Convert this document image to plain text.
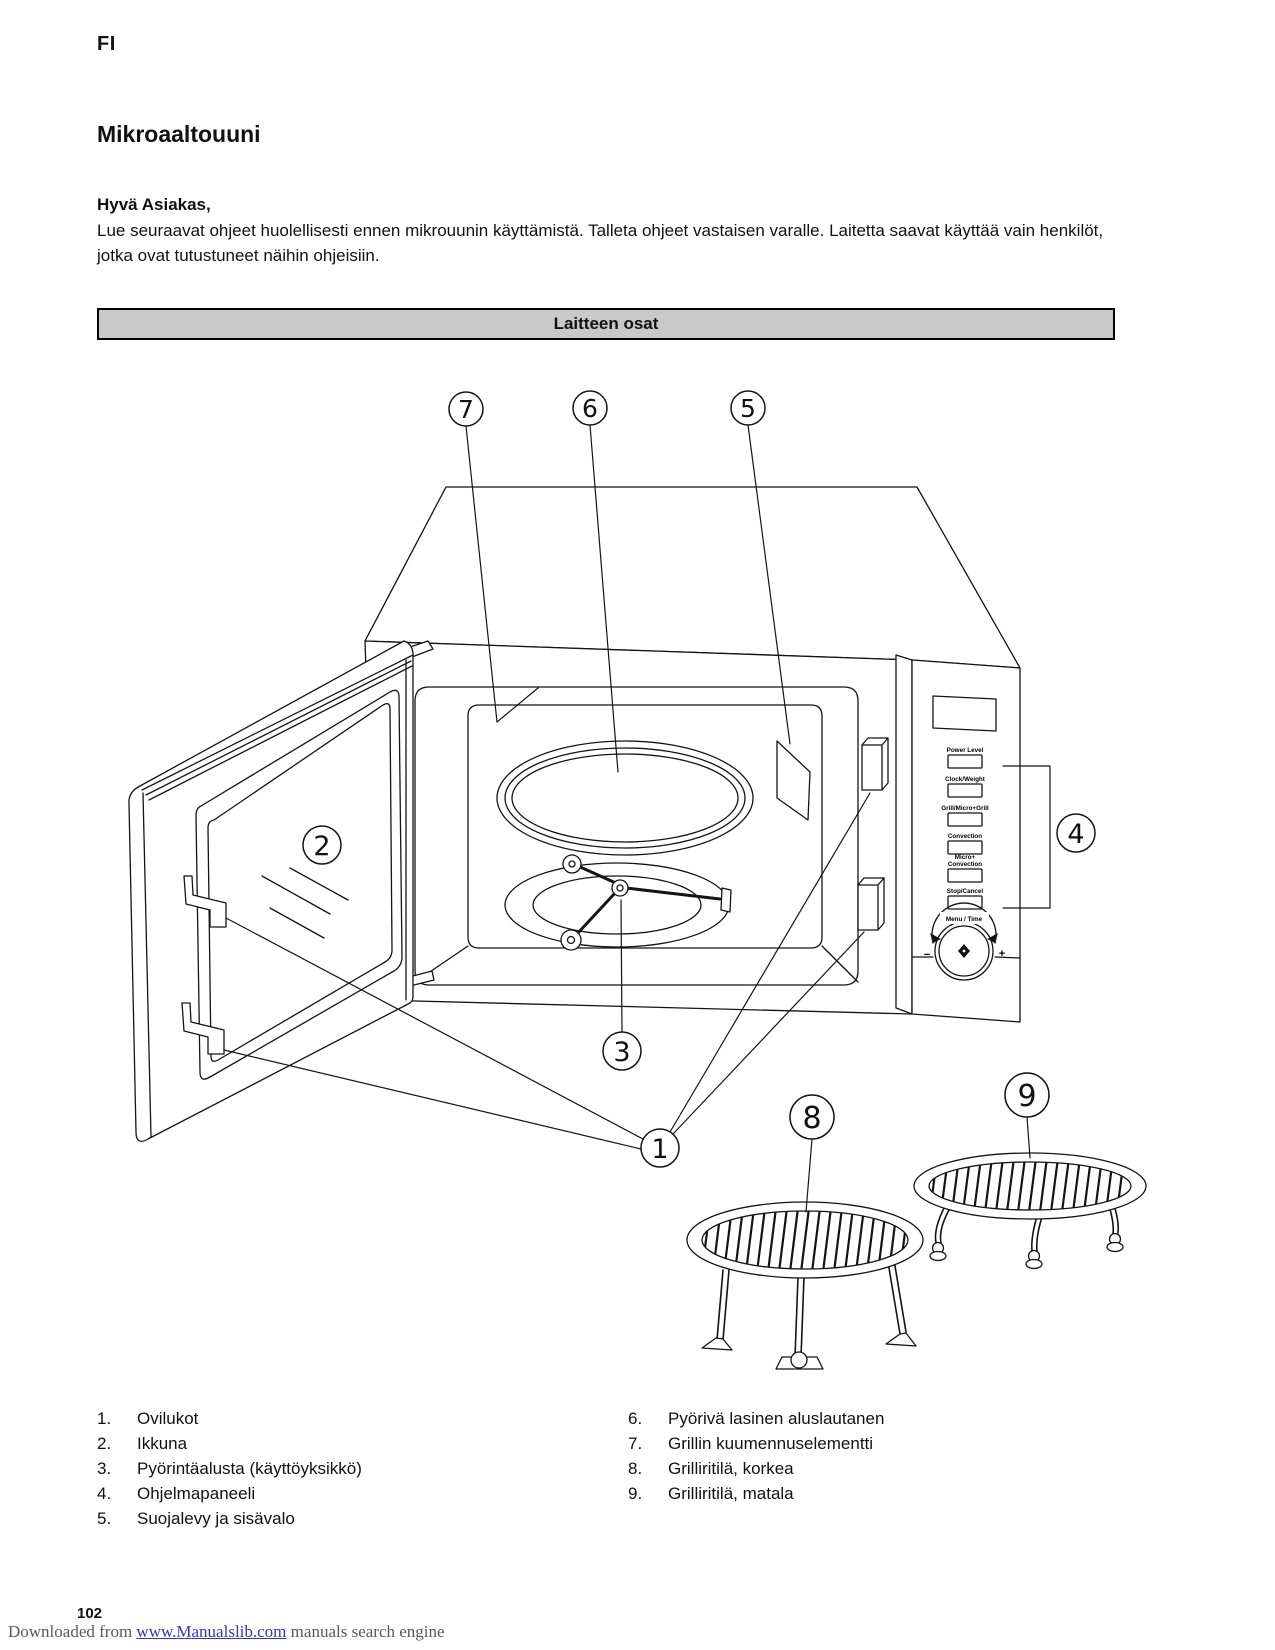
FI
Mikroaaltouuni
Hyvä Asiakas,
Lue seuraavat ohjeet huolellisesti ennen mikrouunin käyttämistä. Talleta ohjeet vastaisen varalle. Laitetta saavat käyttää vain henkilöt, jotka ovat tutustuneet näihin ohjeisiin.
Laitteen osat
7	6	5
2	4
3
1
8
9
Power Level
Clock/Weight
Grill/Micro+Grill
Convection
Micro+
Convection
Stop/Cancel
Menu / Time
−	+
1.	Ovilukot
2.	Ikkuna
3.	Pyörintäalusta (käyttöyksikkö)
4.	Ohjelmapaneeli
5.	Suojalevy ja sisävalo
6.	Pyörivä lasinen aluslautanen
7.	Grillin kuumennuselementti
8.	Grilliritilä, korkea
9.	Grilliritilä, matala
102
Downloaded from www.Manualslib.com manuals search engine
